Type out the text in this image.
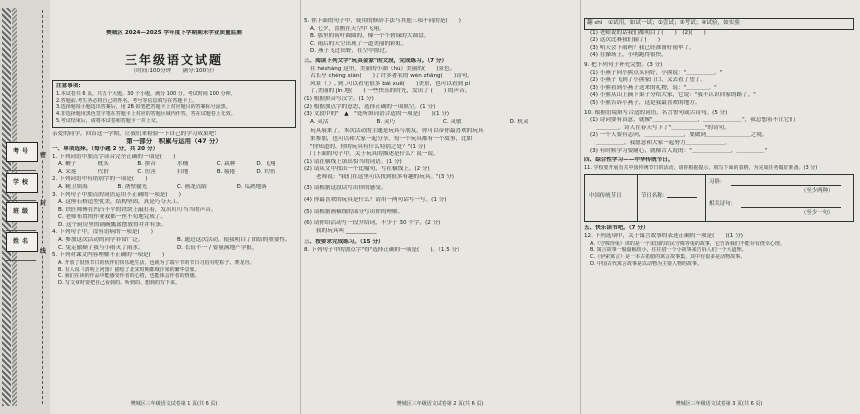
考号
学校
班级
姓名
密
封
线
樊城区 2024—2025 学年度下学期期末学业质量监测
三年级语文试题
（时间:100分钟　　满分:100分）
注意事项:
1.本试卷共 6 页，共五个大题，30 个小题，满分 100 分。考试时间 100 分钟。
2.答题前,考生务必将自己的姓名、考号等信息填写在答题卡上。
3.选择题每小题选出答案后，用 2B 铅笔把答题卡上对应题目的答案标号涂黑。
4.非选择题用黑色签字笔在答题卡上对应的答题区域内作答，答在试题卷上无效。
5.考试结束后，请将本试卷和答题卡一并上交。
亲爱的同学，回首这一学期，让我们来检验一下自己的学习成果吧！
第一部分　积累与运用（47 分）
一、单项选择。（每小题 2 分，共 20 分）
1. 下列词语中加点字读音完全正确的一项是(　　)
A. 鞭子	枕头	B. 拼音	水桶	C. 栽种	D. 飞翔
A. 采莲	代价	C. 仿害	扫地	B. 疲倦	D. 钓鱼
2. 下列词语中有错别字的一项是(　　)
A. 精卫填海	B. 凿壁偷光	C. 画龙点睛	D. 瓜熟地落
3. 下列句子中加点的词语运用不正确的一项是(　　)
A. 这座石桥造型优美，结构坚固，真是巧夺天工。
B. 铁匠师傅在凹凸不平的铁块上敲打着，发出叮叮当当的声音。
C. 老师布置的作业我都一丝不苟地完成了。
D. 这个厨房里的锅碗瓢盆摆放得井井有条。
4. 下列句子中，没有语病的一项是(　　)
A. 参加这次活动的同学非常广泛。	B. 通过这次活动，使我明白了团结的重要性。
C. 兔走旅顺 / 我与小雨灭了雨水。	D. 长征不一 / 要量满地产学报。
5. 下列对课文内容理解不正确的一项是(　　)
A. 开放了很热节日的伙伴们快乐地生活，也就为了端午节的节日习俗有吃粽子、赛龙舟。
B. 有人说《清明上河图》描绘了北宋时期都城汴梁的繁华景象。
C. 我们在读的作品中能感受作者的心情，也能体会作者的情感。
D. 写文章时要把自己看到的、听到的、想到的写下来。
樊城区三年级语文试卷第 1 页(共 6 页)
5. 你下面的句子中，使用的修辞手法与其他三项不同的是(　　)
A. 七夕，喜鹊在天空中飞翔。
B. 那里的荷叶圆圆的，像一个个碧绿的大圆盘。
C. 雨后的天空出现了一道美丽的彩虹。
D. 燕子飞过田野，在空中掠过。
三、阅读下列文字"玩具金家"的文段，完成练习。（7 分）
在 héshàng 这里，美丽的小湖（hú）美丽的(　　)景色。
古长亭 chéng xiàn(　　)了许多著名的 wén zhāng(　　)诗句。
风景（ ）, 到 ,可以看见很多 bái xuě(　　)美景，也可以看到 pí
了,美丽的 jǐn 地(　　) 一些快乐的时光，发出了 (　　) 的声音。
(1) 根据拼音写汉字。(1 分)
(2) 根据加点字的意思，选择正确的一项填空。(1 分)
(3) 文段中的"　▲　"处所填词语合适的一项是(　　)(1 分)
A. 灵活	B. 灵巧	C. 灵敏	D. 机灵
玩具展来了，本次活动的主题是玩具与朋友。你可以带你最喜欢的玩具
来参加，也可以和大家一起分享。每一个玩具都有一个故事，比如
"你知道的，你的玩具有什么特别之处？"(1 分)
门下面的句子中，关于玩具的描述是什么？说一说。
(1) 请在横线上填出恰当的词语。(1 分)
(2) 请从文中找出一个比喻句，写在横线上。(2 分)
老师说："我们在这里可以找到很多有趣的玩具。"(3 分)
(3) 请根据这段话写出你的感受。
(4) 你最喜欢的玩具是什么？请用一两句话写一写。(1 分)
(5) 请根据画横线的部分写出你的理解。
(6) 请你给活动写一段介绍词，不少于 30 个字。(2 分)
我的玩具叫 ___________
三、按要求完成练习。（15 分）
8. 下列句子中的加点字"得"选择正确的一项是(　　)。（1.5 分）
樊城区三年级语文试卷第 2 页(共 6 页)
翻 shì　①试用，如试一试；②尝试；③考试；④试验，如实验
(1) 老师说的话我们都明白了(　　)　(2)(　　)
(2) 这次比赛我们输了(　　)
(3) 明天会下雨吗？我已经准备好雨伞了。
(4) 在操场上，小明跑得很快。
9. 把下列句子补充完整。(3 分)
(1) 小燕子向小熊点头问好，小熊说："＿＿＿＿＿。"
(2) 小燕子飞到了小熊家门口，又去看了望了。
(3) 小熊看到小燕子送来的礼物，说："＿＿＿＿。"
(4) 小熊从山上摘下果子分给大家，它说："我不认识回家的路了。"
(5) 小熊告诉小燕子，这是我最喜欢的地方。
10. 根据语境填写合适的词语，名言警句或古诗句。(5 分)
(1) 诗词要有真意，就像"＿＿＿＿＿＿＿＿，＿＿＿＿＿＿＿"，我总想着不让它们
＿＿＿＿。诗人在春天写下了"＿＿＿＿＿＿"的诗句。
(2) 一个人要有志向，＿＿＿＿＿＿＿，要做到＿＿＿＿＿＿＿＿之境。
＿＿＿＿＿，我愿意和大家一起努力＿＿＿＿＿＿＿。
(3) 有时候学习要耐心，就像古人说的："＿＿＿＿＿＿＿，＿＿＿＿＿"
四、综合性学习——中华传统节日。
11. 学校要开展有关中国传统节日的活动，请你根据提示，填写下面的表格，为完成任务做好准备。(3 分)
中国传统节日	节日名称：
习俗：
（至少两种）
相关诗句：
（至少一句）
五、快乐读书吧。（7 分）
12. 下列选项中，关于寓言故事的表述正确的一项是(　　)(1 分)
A.《守株待兔》讲的是一个宋国的农民守株等兔的故事，它告诉我们不能存有侥幸心理。
B. 寓言故事一般篇幅短小，往往借一个小故事来告诉人们一个大道理。
C.《伊索寓言》是一本古希腊的寓言故事集，其中有很多是动物故事。
D. 中国古代寓言故事是以动物为主要人物的故事。
樊城区三年级语文试卷第 3 页(共 6 页)
